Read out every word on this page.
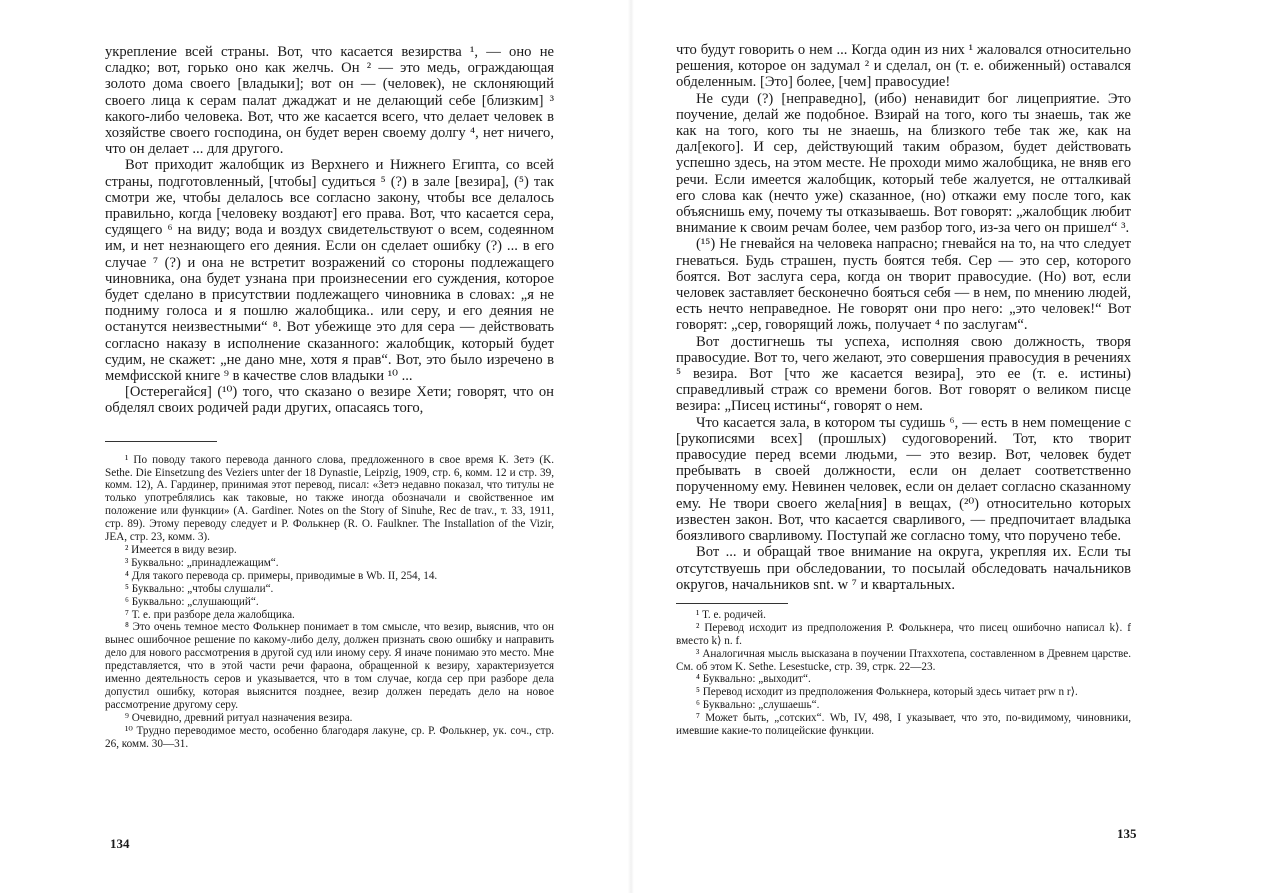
укрепление всей страны. Вот, что касается везирства ¹, — оно не сладко; вот, горько оно как желчь. Он ² — это медь, ограждающая золото дома своего [владыки]; вот он — (человек), не склоняющий своего лица к серам палат джаджат и не делающий себе [близким] ³ какого-либо человека. Вот, что же касается всего, что делает человек в хозяйстве своего господина, он будет верен своему долгу ⁴, нет ничего, что он делает ... для другого.

Вот приходит жалобщик из Верхнего и Нижнего Египта, со всей страны, подготовленный, [чтобы] судиться ⁵ (?) в зале [везира], (⁵) так смотри же, чтобы делалось все согласно закону, чтобы все делалось правильно, когда [человеку воздают] его права. Вот, что касается сера, судящего ⁶ на виду; вода и воздух свидетельствуют о всем, содеянном им, и нет незнающего его деяния. Если он сделает ошибку (?) ... в его случае ⁷ (?) и она не встретит возражений со стороны подлежащего чиновника, она будет узнана при произнесении его суждения, которое будет сделано в присутствии подлежащего чиновника в словах: „я не подниму голоса и я пошлю жалобщика.. или серу, и его деяния не останутся неизвестными“ ⁸. Вот убежище это для сера — действовать согласно наказу в исполнение сказанного: жалобщик, который будет судим, не скажет: „не дано мне, хотя я прав“. Вот, это было изречено в мемфисской книге ⁹ в качестве слов владыки ¹⁰ ...

[Остерегайся] (¹⁰) того, что сказано о везире Хети; говорят, что он обделял своих родичей ради других, опасаясь того,

¹ По поводу такого перевода данного слова, предложенного в свое время К. Зетэ (K. Sethe. Die Einsetzung des Veziers unter der 18 Dynastie, Leipzig, 1909, стр. 6, комм. 12 и стр. 39, комм. 12), А. Гардинер, принимая этот перевод, писал: «Зетэ недавно показал, что титулы не только употреблялись как таковые, но также иногда обозначали и свойственное им положение или функции» (A. Gardiner. Notes on the Story of Sinuhe, Rec de trav., т. 33, 1911, стр. 89). Этому переводу следует и Р. Фолькнер (R. O. Faulkner. The Installation of the Vizir, JEA, стр. 23, комм. 3).
² Имеется в виду везир.
³ Буквально: „принадлежащим“.
⁴ Для такого перевода ср. примеры, приводимые в Wb. II, 254, 14.
⁵ Буквально: „чтобы слушали“.
⁶ Буквально: „слушающий“.
⁷ Т. е. при разборе дела жалобщика.
⁸ Это очень темное место Фолькнер понимает в том смысле, что везир, выяснив, что он вынес ошибочное решение по какому-либо делу, должен признать свою ошибку и направить дело для нового рассмотрения в другой суд или иному серу. Я иначе понимаю это место. Мне представляется, что в этой части речи фараона, обращенной к везиру, характеризуется именно деятельность серов и указывается, что в том случае, когда сер при разборе дела допустил ошибку, которая выяснится позднее, везир должен передать дело на новое рассмотрение другому серу.
⁹ Очевидно, древний ритуал назначения везира.
¹⁰ Трудно переводимое место, особенно благодаря лакуне, ср. Р. Фолькнер, ук. соч., стр. 26, комм. 30—31.
134

что будут говорить о нем ... Когда один из них ¹ жаловался относительно решения, которое он задумал ² и сделал, он (т. е. обиженный) оставался обделенным. [Это] более, [чем] правосудие!

Не суди (?) [неправедно], (ибо) ненавидит бог лицеприятие. Это поучение, делай же подобное. Взирай на того, кого ты знаешь, так же как на того, кого ты не знаешь, на близкого тебе так же, как на дал[екого]. И сер, действующий таким образом, будет действовать успешно здесь, на этом месте. Не проходи мимо жалобщика, не вняв его речи. Если имеется жалобщик, который тебе жалуется, не отталкивай его слова как (нечто уже) сказанное, (но) откажи ему после того, как объяснишь ему, почему ты отказываешь. Вот говорят: „жалобщик любит внимание к своим речам более, чем разбор того, из-за чего он пришел“ ³.

(¹⁵) Не гневайся на человека напрасно; гневайся на то, на что следует гневаться. Будь страшен, пусть боятся тебя. Сер — это сер, которого боятся. Вот заслуга сера, когда он творит правосудие. (Но) вот, если человек заставляет бесконечно бояться себя — в нем, по мнению людей, есть нечто неправедное. Не говорят они про него: „это человек!“ Вот говорят: „сер, говорящий ложь, получает ⁴ по заслугам“.

Вот достигнешь ты успеха, исполняя свою должность, творя правосудие. Вот то, чего желают, это совершения правосудия в речениях ⁵ везира. Вот [что же касается везира], это ее (т. е. истины) справедливый страж со времени богов. Вот говорят о великом писце везира: „Писец истины“, говорят о нем.

Что касается зала, в котором ты судишь ⁶, — есть в нем помещение с [рукописями всех] (прошлых) судоговорений. Тот, кто творит правосудие перед всеми людьми, — это везир. Вот, человек будет пребывать в своей должности, если он делает соответственно порученному ему. Невинен человек, если он делает согласно сказанному ему. Не твори своего жела[ния] в вещах, (²⁰) относительно которых известен закон. Вот, что касается сварливого, — предпочитает владыка боязливого сварливому. Поступай же согласно тому, что поручено тебе.

Вот ... и обращай твое внимание на округа, укрепляя их. Если ты отсутствуешь при обследовании, то посылай обследовать начальников округов, начальников snt. w ⁷ и квартальных.

¹ Т. е. родичей.
² Перевод исходит из предположения Р. Фолькнера, что писец ошибочно написал k⟩. f вместо k⟩ n. f.
³ Аналогичная мысль высказана в поучении Птаххотепа, составленном в Древнем царстве. См. об этом K. Sethe. Lesestucke, стр. 39, стрк. 22—23.
⁴ Буквально: „выходит“.
⁵ Перевод исходит из предположения Фолькнера, который здесь читает prw n r⟩.
⁶ Буквально: „слушаешь“.
⁷ Может быть, „сотских“. Wb, IV, 498, I указывает, что это, по-видимому, чиновники, имевшие какие-то полицейские функции.
135
